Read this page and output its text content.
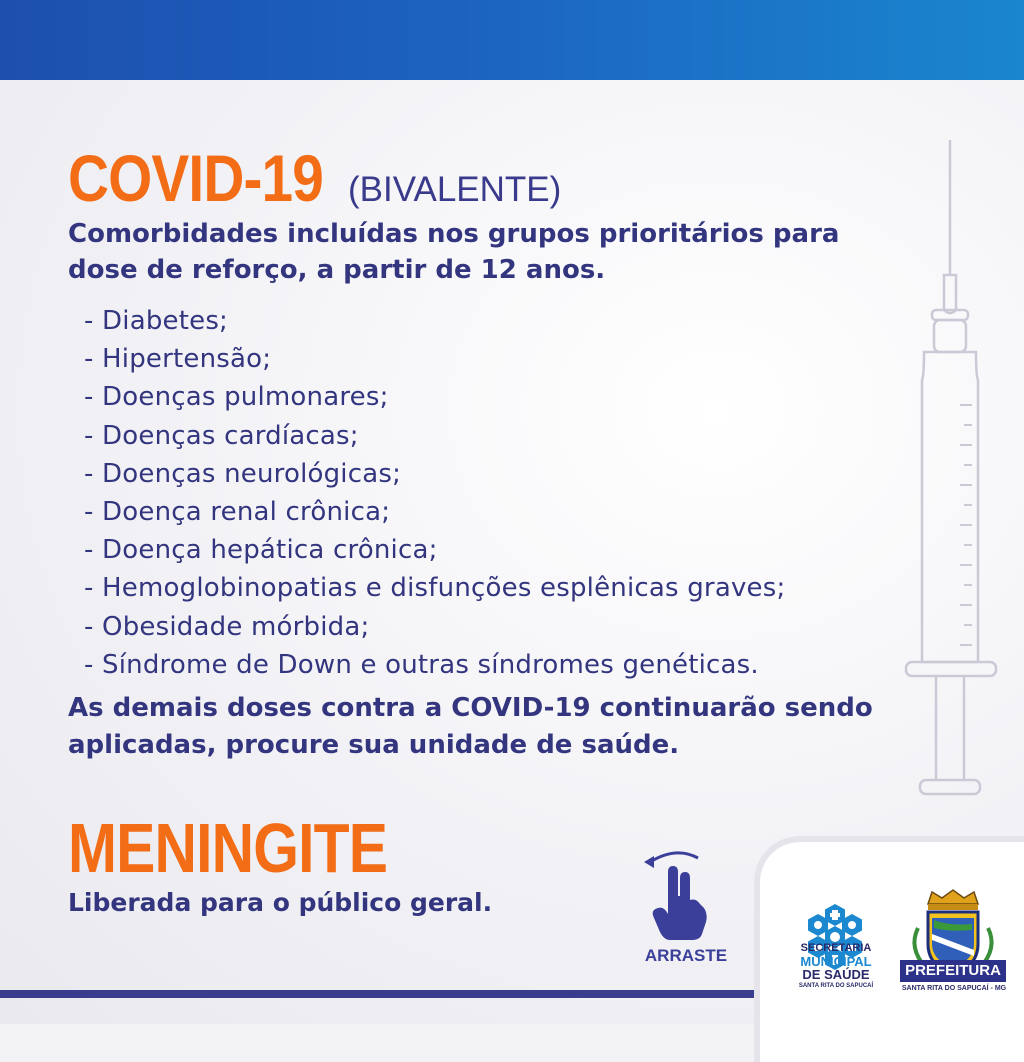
COVID-19 (BIVALENTE)
Comorbidades incluídas nos grupos prioritários para dose de reforço, a partir de 12 anos.
- Diabetes;
- Hipertensão;
- Doenças pulmonares;
- Doenças cardíacas;
- Doenças neurológicas;
- Doença renal crônica;
- Doença hepática crônica;
- Hemoglobinopatias e disfunções esplênicas graves;
- Obesidade mórbida;
- Síndrome de Down e outras síndromes genéticas.
As demais doses contra a COVID-19 continuarão sendo aplicadas, procure sua unidade de saúde.
MENINGITE
Liberada para o público geral.
ARRASTE	SECRETARIA
MUNICIPAL
DE SAÚDE
SANTA RITA DO SAPUCAÍ
PREFEITURA
SANTA RITA DO SAPUCAÍ - MG
